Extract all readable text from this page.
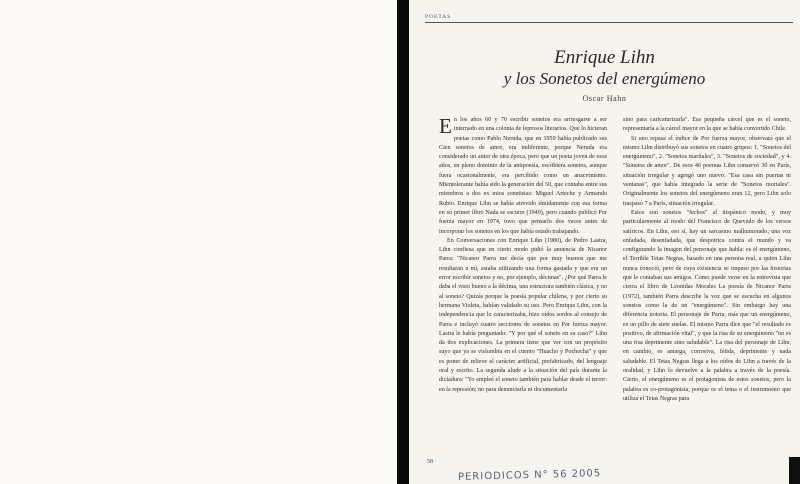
POETAS
Enrique Lihn
y los Sonetos del energúmeno
Oscar Hahn

En los años 60 y 70 escribir sonetos era arriesgarse a ser internado en una colonia de leprosos literarios. Que lo hicieran poetas como Pablo Neruda, que en 1959 había publicado sus Cien sonetos de amor, era indiferente, porque Neruda era considerado un autor de otra época, pero que un poeta joven de esos años, en pleno dominio de la antipoesía, escribiera sonetos, aunque fuera ocasionalmente, era percibido como un anacronismo. Mientolerante había sido la generación del 50, que contaba entre sus miembros a dos ex mios sonetistas: Miguel Arteche y Armando Rubio. Enrique Lihn se había atrevido tímidamente con esa forma en su primer libro Nada se escurre (1949), pero cuando publicó Por fuerza mayor en 1974, tuvo que pensarlo dos veces antes de incorporar los sonetos en los que había estado trabajando.

En Conversaciones con Enrique Lihn (1980), de Pedro Lastra, Lihn confiesa que en cierto modo pidió la anuencia de Nicanor Parra: "Nicanor Parra me decía que por muy buenos que me resultaran a mí, estaba utilizando una forma gastada y que era un error escribir sonetos y no, por ejemplo, décimas". ¿Por qué Parra le daba el visto bueno a la décima, una estructura también clásica, y no al soneto? Quizás porque la poesía popular chilena, y por cierto su hermana Violeta, habían validado su uso. Pero Enrique Lihn, con la independencia que lo caracterizaba, hizo oídos sordos al consejo de Parra e incluyó cuatro secciones de sonetos en Por fuerza mayor. Lastra le había preguntado: "Y por qué el soneto en su caso?" Lihn da dos explicaciones. La primera tiene que ver con un propósito suyo que ya se vislumbra en el cuento "Huacho y Pochocha" y que es poner de relieve el carácter artificial, prefabricado, del lenguaje oral y escrito. La segunda alude a la situación del país durante la dictadura: "Yo empleé el soneto también para hablar desde el terror: en la represión; no para denunciarla ni documentarla

sino para caricaturizarla". Esa pequeña cárcel que es el soneto, representaría a la cárcel mayor en la que se había convertido Chile.

Si uno repasa el índice de Por fuerza mayor, observará que el mismo Lihn distribuyó sus sonetos en cuatro grupos: 1. "Sonetos del energúmeno", 2. "Sonetos marítales", 3. "Sonetos de sociedad", y 4. "Sonetos de amor". De esos 46 poemas Lihn conservó 30 en París, situación irregular y agregó uno nuevo: "Esa casa sin puertas ni ventanas", que había integrado la serie de "Sonetos mortales". Originalmente los sonetos del energúmeno eran 12, pero Lihn solo traspasó 7 a París, situación irregular.

Estos son sonetos "fechos" al itispánico modo, y muy particularmente al modo del Francisco de Quevedo de los versos satíricos. En Lihn, eso sí, hay un sarcasmo malhumorado; una voz enfadada, desenfadada, que despotrica contra el mundo y va configurando la imagen del personaje que habla: es el energúmeno, el Terrible Tetas Negras, basado en una persona real, a quien Lihn nunca conoció, pero de cuya existencia se impuso por las historias que le contaban sus amigos. Como puede verse en la entrevista que cierra el libro de Leonidas Morales La poesía de Nicanor Parra (1972), también Parra describe la voz que se escucha en algunos sonetos como la de un "energúmeno". Sin embargo hay una diferencia notoria. El personaje de Parra, más que un energúmeno, es un pillo de siete suelas. El mismo Parra dice que "el resultado es positivo, de afirmación vital", y que la risa de su energúmeno "no es una risa deprimente sino saludable". La risa del personaje de Lihn, en cambio, es amarga, corrosiva, fétida, deprimente y nada saludable. El Tetas Negras llega a los oídos de Lihn a través de la oralidad, y Lihn lo devuelve a la palabra a través de la poesía. Cierto, el energúmeno es el protagonista de estos sonetos, pero la palabra es co-protagonista, porque es el tema o el instrumento que utiliza el Tetas Negras para

58
PERIODICOS N° 56 2005
